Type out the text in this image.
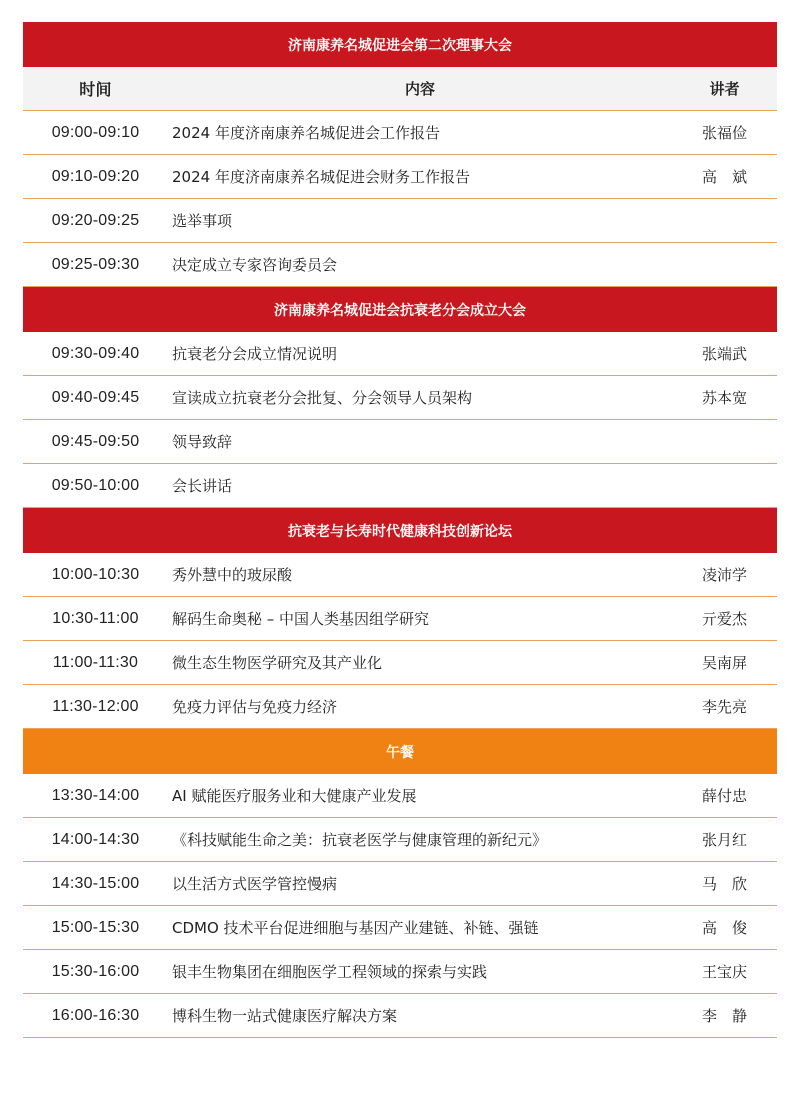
济南康养名城促进会第二次理事大会
时间	内容	讲者
09:00-09:10	2024 年度济南康养名城促进会工作报告	张福俭
09:10-09:20	2024 年度济南康养名城促进会财务工作报告	高　斌
09:20-09:25	选举事项
09:25-09:30	决定成立专家咨询委员会
济南康养名城促进会抗衰老分会成立大会
09:30-09:40	抗衰老分会成立情况说明	张端武
09:40-09:45	宣读成立抗衰老分会批复、分会领导人员架构	苏本宽
09:45-09:50	领导致辞
09:50-10:00	会长讲话
抗衰老与长寿时代健康科技创新论坛
10:00-10:30	秀外慧中的玻尿酸	凌沛学
10:30-11:00	解码生命奥秘 – 中国人类基因组学研究	亓爱杰
11:00-11:30	微生态生物医学研究及其产业化	吴南屏
11:30-12:00	免疫力评估与免疫力经济	李先亮
午餐
13:30-14:00	AI 赋能医疗服务业和大健康产业发展	薛付忠
14:00-14:30	《科技赋能生命之美：抗衰老医学与健康管理的新纪元》	张月红
14:30-15:00	以生活方式医学管控慢病	马　欣
15:00-15:30	CDMO 技术平台促进细胞与基因产业建链、补链、强链	高　俊
15:30-16:00	银丰生物集团在细胞医学工程领域的探索与实践	王宝庆
16:00-16:30	博科生物一站式健康医疗解决方案	李　静
